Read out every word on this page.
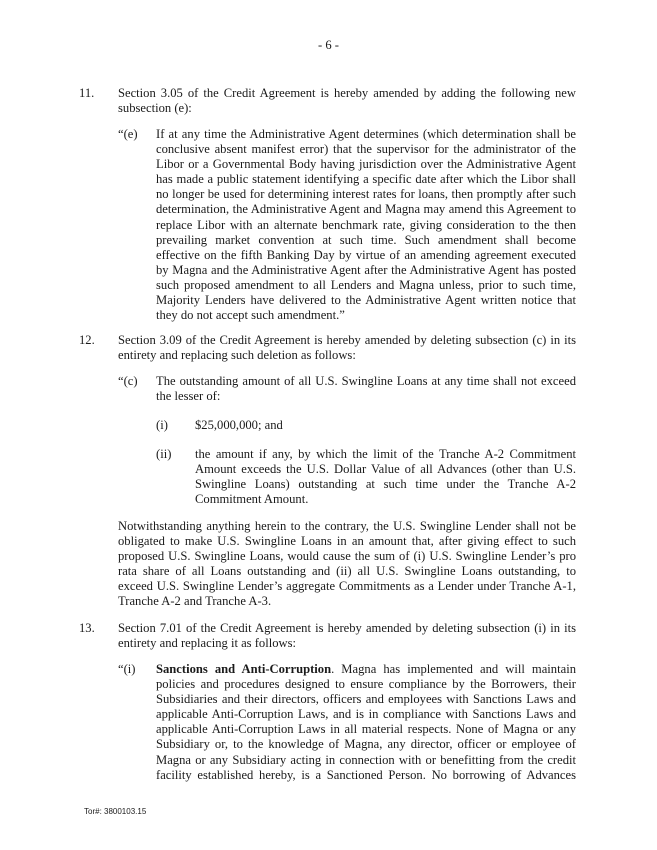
- 6 -
11. Section 3.05 of the Credit Agreement is hereby amended by adding the following new subsection (e):
“(e) If at any time the Administrative Agent determines (which determination shall be conclusive absent manifest error) that the supervisor for the administrator of the Libor or a Governmental Body having jurisdiction over the Administrative Agent has made a public statement identifying a specific date after which the Libor shall no longer be used for determining interest rates for loans, then promptly after such determination, the Administrative Agent and Magna may amend this Agreement to replace Libor with an alternate benchmark rate, giving consideration to the then prevailing market convention at such time. Such amendment shall become effective on the fifth Banking Day by virtue of an amending agreement executed by Magna and the Administrative Agent after the Administrative Agent has posted such proposed amendment to all Lenders and Magna unless, prior to such time, Majority Lenders have delivered to the Administrative Agent written notice that they do not accept such amendment.”
12. Section 3.09 of the Credit Agreement is hereby amended by deleting subsection (c) in its entirety and replacing such deletion as follows:
“(c) The outstanding amount of all U.S. Swingline Loans at any time shall not exceed the lesser of:
(i) $25,000,000; and
(ii) the amount if any, by which the limit of the Tranche A-2 Commitment Amount exceeds the U.S. Dollar Value of all Advances (other than U.S. Swingline Loans) outstanding at such time under the Tranche A-2 Commitment Amount.
Notwithstanding anything herein to the contrary, the U.S. Swingline Lender shall not be obligated to make U.S. Swingline Loans in an amount that, after giving effect to such proposed U.S. Swingline Loans, would cause the sum of (i) U.S. Swingline Lender’s pro rata share of all Loans outstanding and (ii) all U.S. Swingline Loans outstanding, to exceed U.S. Swingline Lender’s aggregate Commitments as a Lender under Tranche A-1, Tranche A-2 and Tranche A-3.
13. Section 7.01 of the Credit Agreement is hereby amended by deleting subsection (i) in its entirety and replacing it as follows:
“(i) Sanctions and Anti-Corruption. Magna has implemented and will maintain policies and procedures designed to ensure compliance by the Borrowers, their Subsidiaries and their directors, officers and employees with Sanctions Laws and applicable Anti-Corruption Laws, and is in compliance with Sanctions Laws and applicable Anti-Corruption Laws in all material respects. None of Magna or any Subsidiary or, to the knowledge of Magna, any director, officer or employee of Magna or any Subsidiary acting in connection with or benefitting from the credit facility established hereby, is a Sanctioned Person. No borrowing of Advances
Tor#: 3800103.15
